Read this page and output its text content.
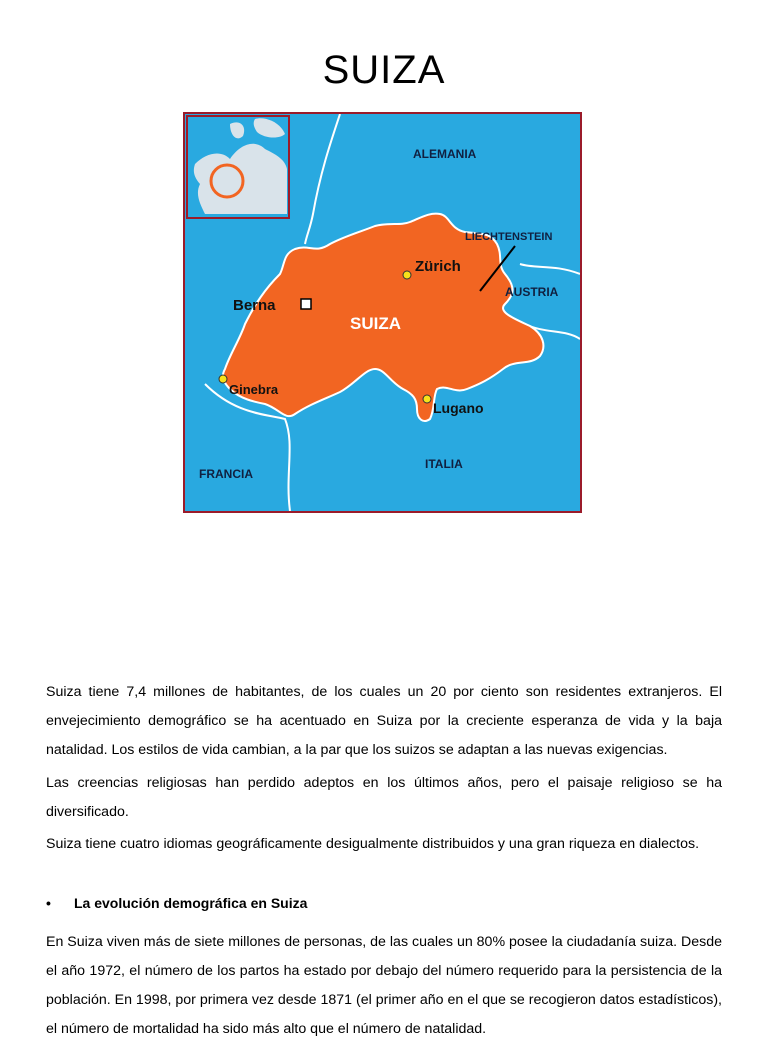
SUIZA
ALEMANIA
LIECHTENSTEIN
AUSTRIA
SUIZA
Berna
Zürich
Ginebra
Lugano
FRANCIA
ITALIA
Suiza tiene 7,4 millones de habitantes, de los cuales un 20 por ciento son residentes extranjeros. El envejecimiento demográfico se ha acentuado en Suiza por la creciente esperanza de vida y la baja natalidad. Los estilos de vida cambian, a la par que los suizos se adaptan a las nuevas exigencias.
Las creencias religiosas han perdido adeptos en los últimos años, pero el paisaje religioso se ha diversificado.
Suiza tiene cuatro idiomas geográficamente desigualmente distribuidos y una gran riqueza en dialectos.
• La evolución demográfica en Suiza
En Suiza viven más de siete millones de personas, de las cuales un 80% posee la ciudadanía suiza. Desde el año 1972, el número de los partos ha estado por debajo del número requerido para la persistencia de la población. En 1998, por primera vez desde 1871 (el primer año en el que se recogieron datos estadísticos), el número de mortalidad ha sido más alto que el número de natalidad.
